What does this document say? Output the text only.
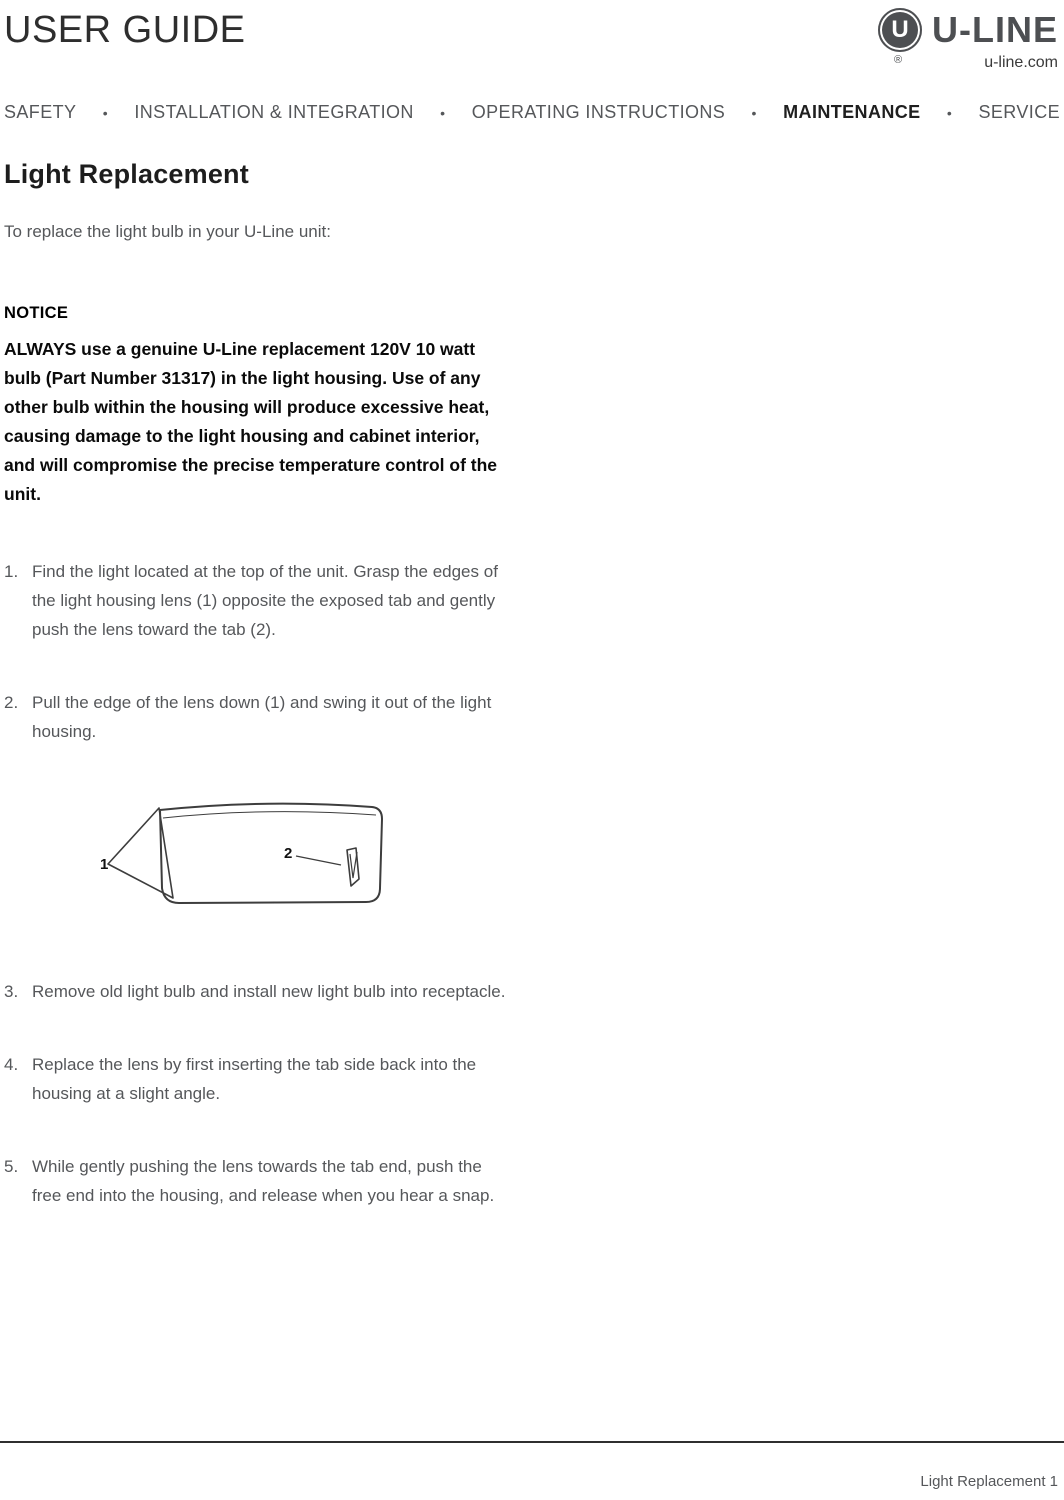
USER GUIDE	U U-LINE
®	u-line.com
SAFETY • INSTALLATION & INTEGRATION • OPERATING INSTRUCTIONS • MAINTENANCE • SERVICE
Light Replacement

To replace the light bulb in your U-Line unit:

NOTICE
ALWAYS use a genuine U-Line replacement 120V 10 watt bulb (Part Number 31317) in the light housing. Use of any other bulb within the housing will produce excessive heat, causing damage to the light housing and cabinet interior, and will compromise the precise temperature control of the unit.
1. Find the light located at the top of the unit. Grasp the edges of the light housing lens (1) opposite the exposed tab and gently push the lens toward the tab (2).
2. Pull the edge of the lens down (1) and swing it out of the light housing.
1
2
3. Remove old light bulb and install new light bulb into receptacle.
4. Replace the lens by first inserting the tab side back into the housing at a slight angle.
5. While gently pushing the lens towards the tab end, push the free end into the housing, and release when you hear a snap.
Light Replacement 1
